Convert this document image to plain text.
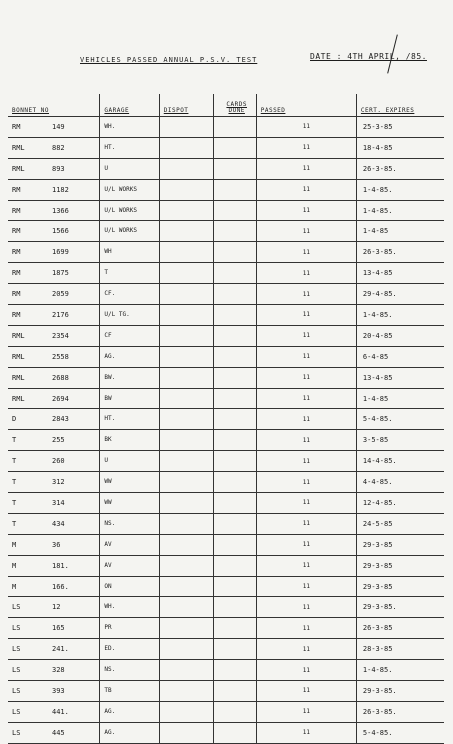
VEHICLES PASSED ANNUAL P.S.V. TEST	DATE : 4TH APRIL, /85.
BONNET NO	GARAGE	DISPOT	CARDS DONE	PASSED	CERT. EXPIRES

RM 149	WH.			11	25-3-85

RML 882	HT.			11	18-4-85

RML 893	U			11	26-3-85.

RM 1182	U/L WORKS			11	1-4-85.

RM 1366	U/L WORKS			11	1-4-85.

RM 1566	U/L WORKS			11	1-4-85

RM 1699	WH			11	26-3-85.

RM 1875	T			11	13-4-85

RM 2059	CF.			11	29-4-85.

RM 2176	U/L TG.			11	1-4-85.

RML 2354	CF			11	20-4-85

RML 2558	AG.			11	6-4-85

RML 2688	BW.			11	13-4-85

RML 2694	BW			11	1-4-85

D 2843	HT.			11	5-4-85.

T 255	BK			11	3-5-85

T 260	U			11	14-4-85.

T 312	WW			11	4-4-85.

T 314	WW			11	12-4-85.

T 434	NS.			11	24-5-85

M 36	AV			11	29-3-85

M 181.	AV			11	29-3-85

M 166.	ON			11	29-3-85

LS 12	WH.			11	29-3-85.

LS 165	PR			11	26-3-85

LS 241.	ED.			11	28-3-85

LS 328	NS.			11	1-4-85.

LS 393	TB			11	29-3-85.

LS 441.	AG.			11	26-3-85.

LS 445	AG.			11	5-4-85.
